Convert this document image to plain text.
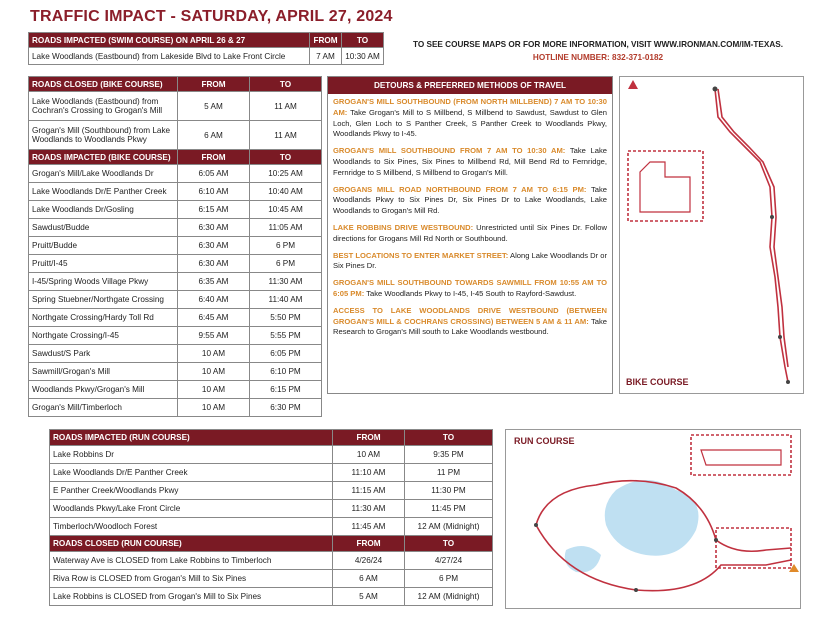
TRAFFIC IMPACT - SATURDAY, APRIL 27, 2024
ROADS IMPACTED (SWIM COURSE) ON APRIL 26 & 27	FROM	TO
Lake Woodlands (Eastbound) from Lakeside Blvd to Lake Front Circle	7 AM	10:30 AM
TO SEE COURSE MAPS OR FOR MORE INFORMATION, VISIT WWW.IRONMAN.COM/IM-TEXAS.
HOTLINE NUMBER: 832-371-0182
ROADS CLOSED (BIKE COURSE)	FROM	TO
Lake Woodlands (Eastbound) from Cochran's Crossing to Grogan's Mill	5 AM	11 AM
Grogan's Mill (Southbound) from Lake Woodlands to Woodlands Pkwy	6 AM	11 AM
ROADS IMPACTED (BIKE COURSE)	FROM	TO
Grogan's Mill/Lake Woodlands Dr	6:05 AM	10:25 AM
Lake Woodlands Dr/E Panther Creek	6:10 AM	10:40 AM
Lake Woodlands Dr/Gosling	6:15 AM	10:45 AM
Sawdust/Budde	6:30 AM	11:05 AM
Pruitt/Budde	6:30 AM	6 PM
Pruitt/I-45	6:30 AM	6 PM
I-45/Spring Woods Village Pkwy	6:35 AM	11:30 AM
Spring Stuebner/Northgate Crossing	6:40 AM	11:40 AM
Northgate Crossing/Hardy Toll Rd	6:45 AM	5:50 PM
Northgate Crossing/I-45	9:55 AM	5:55 PM
Sawdust/S Park	10 AM	6:05 PM
Sawmill/Grogan's Mill	10 AM	6:10 PM
Woodlands Pkwy/Grogan's Mill	10 AM	6:15 PM
Grogan's Mill/Timberloch	10 AM	6:30 PM
DETOURS & PREFERRED METHODS OF TRAVEL

GROGAN'S MILL SOUTHBOUND (FROM NORTH MILLBEND) 7 AM TO 10:30 AM: Take Grogan's Mill to S Millbend, S Millbend to Sawdust, Sawdust to Glen Loch, Glen Loch to S Panther Creek, S Panther Creek to Woodlands Pkwy, Woodlands Pkwy to I-45.

GROGAN'S MILL SOUTHBOUND FROM 7 AM TO 10:30 AM: Take Lake Woodlands to Six Pines, Six Pines to Millbend Rd, Mill Bend Rd to Fernridge, Fernridge to S Millbend, S Millbend to Grogan's Mill.

GROGANS MILL ROAD NORTHBOUND FROM 7 AM TO 6:15 PM: Take Woodlands Pkwy to Six Pines Dr, Six Pines Dr to Lake Woodlands, Lake Woodlands to Grogan's Mill Rd.

LAKE ROBBINS DRIVE WESTBOUND: Unrestricted until Six Pines Dr. Follow directions for Grogans Mill Rd North or Southbound.

BEST LOCATIONS TO ENTER MARKET STREET: Along Lake Woodlands Dr or Six Pines Dr.

GROGAN'S MILL SOUTHBOUND TOWARDS SAWMILL FROM 10:55 AM TO 6:05 PM: Take Woodlands Pkwy to I-45, I-45 South to Rayford-Sawdust.

ACCESS TO LAKE WOODLANDS DRIVE WESTBOUND (BETWEEN GROGAN'S MILL & COCHRANS CROSSING) BETWEEN 5 AM & 11 AM: Take Research to Grogan's Mill south to Lake Woodlands westbound.

BIKE COURSE
ROADS IMPACTED (RUN COURSE)	FROM	TO
Lake Robbins Dr	10 AM	9:35 PM
Lake Woodlands Dr/E Panther Creek	11:10 AM	11 PM
E Panther Creek/Woodlands Pkwy	11:15 AM	11:30 PM
Woodlands Pkwy/Lake Front Circle	11:30 AM	11:45 PM
Timberloch/Woodloch Forest	11:45 AM	12 AM (Midnight)
ROADS CLOSED (RUN COURSE)	FROM	TO
Waterway Ave is CLOSED from Lake Robbins to Timberloch	4/26/24	4/27/24
Riva Row is CLOSED from Grogan's Mill to Six Pines	6 AM	6 PM
Lake Robbins is CLOSED from Grogan's Mill to Six Pines	5 AM	12 AM (Midnight)
RUN COURSE
